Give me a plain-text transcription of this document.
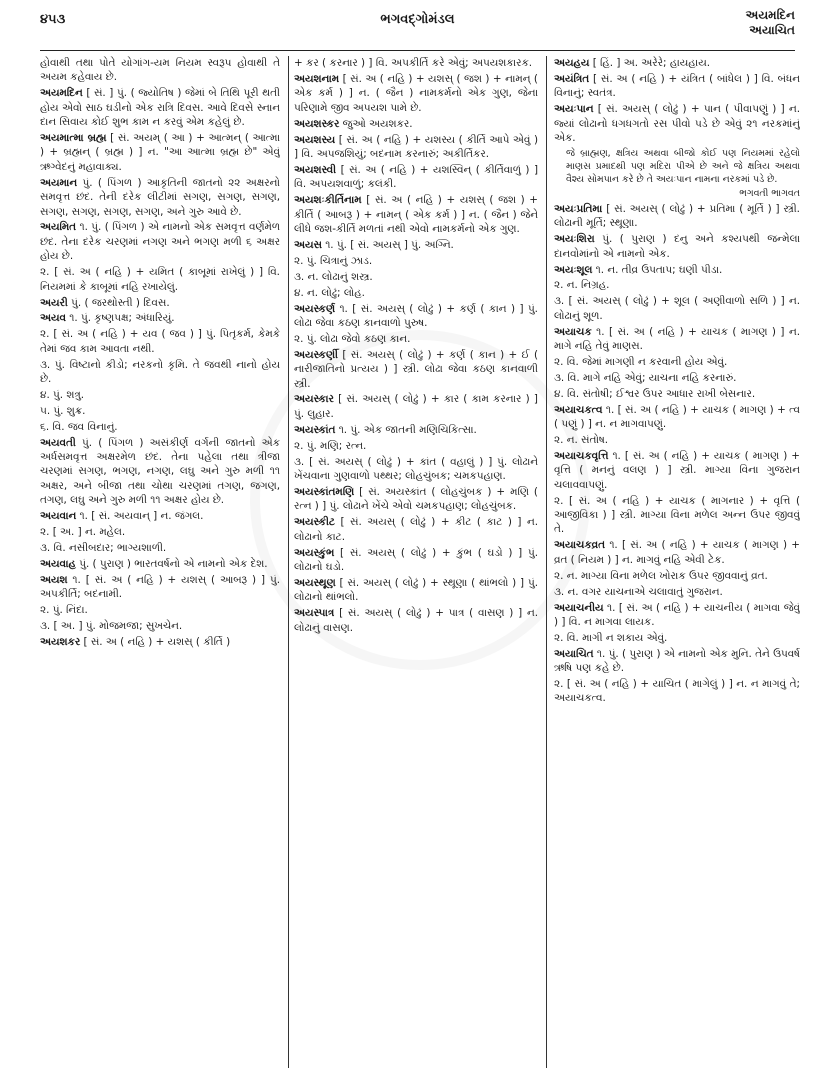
૪૫૩	ભગવદ્‌ગોમંડલ	અયમદિન
અયાચિત
હોવાથી તથા પોતે યોગાંગ-યમ નિયમ સ્વરૂપ હોવાથી તે અયમ કહેવાય છે.
અયમદિન [ સં. ] પું. ( જ્યોતિષ ) જેમાં બે તિથિ પૂરી થતી હોય એવો સાઠ ઘડીનો એક રાત્રિ દિવસ. આવે દિવસે સ્નાન દાન સિવાય કોઈ શુભ કામ ન કરવું એમ કહેલું છે.
અયમાત્મા બ્રહ્મ [ સં. અયમ્ ( આ ) + આત્મન્ ( આત્મા ) + બ્રહ્મન્ ( બ્રહ્મ ) ] ન. "આ આત્મા બ્રહ્મ છે" એવું ઋગ્વેદનું મહાવાક્ય.
અયમાન પું. ( પિંગળ ) આકૃતિની જાતનો ૨૨ અક્ષરનો સમવૃત્ત છંદ. તેની દરેક લીટીમાં સગણ, સગણ, સગણ, સગણ, સગણ, સગણ, સગણ, અને ગુરુ આવે છે.
અયમિત ૧. પું. ( પિંગળ ) એ નામનો એક સમવૃત્ત વર્ણમેળ છંદ. તેના દરેક ચરણમાં નગણ અને ભગણ મળી ૬ અક્ષર હોય છે.
૨. [ સં. અ ( નહિ ) + યમિત ( કાબૂમાં રાખેલું ) ] વિ. નિયમમાં કે કાબૂમાં નહિ રખાયેલું.
અયરી પું. ( જરથોસ્તી ) દિવસ.
અયવ ૧. પું. કૃષ્ણપક્ષ; અંધારિયું.
૨. [ સં. અ ( નહિ ) + યવ ( જવ ) ] પું. પિતૃકર્મ, કેમકે તેમાં જવ કામ આવતા નથી.
૩. પું. વિષ્ટાનો કીડો; નરકનો કૃમિ. તે જવથી નાનો હોય છે.
૪. પું. શત્રુ.
૫. પું. શુક્ર.
૬. વિ. જવ વિનાનું.
અયવતી પું. ( પિંગળ ) અસંકીર્ણ વર્ગની જાતનો એક અર્ધસમવૃત્ત અક્ષરમેળ છંદ. તેના પહેલા તથા ત્રીજા ચરણમાં સગણ, ભગણ, નગણ, લઘુ અને ગુરુ મળી ૧૧ અક્ષર, અને બીજા તથા ચોથા ચરણમાં તગણ, જગણ, તગણ, લઘુ અને ગુરુ મળી ૧૧ અક્ષર હોય છે.
અયવાન ૧. [ સં. અયવાન્ ] ન. જંગલ.
૨. [ અ. ] ન. મહેલ.
૩. વિ. નસીબદાર; ભાગ્યશાળી.
અયવાહ પું. ( પુરાણ ) ભારતવર્ષનો એ નામનો એક દેશ.
અયશ ૧. [ સં. અ ( નહિ ) + યશસ્ ( આબરૂ ) ] પું. અપકીર્તિ; બદનામી.
૨. પું. નિંદા.
૩. [ અ. ] પું. મોજમજા; સુખચેન.
અયશકર [ સં. અ ( નહિ ) + યશસ્ ( કીર્તિ )
+ કર ( કરનાર ) ] વિ. અપકીર્તિ કરે એવું; અપયશકારક.
અયશનામ [ સં. અ ( નહિ ) + યશસ્ ( જશ ) + નામન્ ( એક કર્મ ) ] ન. ( જૈન ) નામકર્મનો એક ગુણ, જેના પરિણામે જીવ અપયશ પામે છે.
અયશસ્કર જુઓ અયશકર.
અયશસ્ય [ સં. અ ( નહિ ) + યશસ્ય ( કીર્તિ આપે એવું ) ] વિ. અપજશિયું; બદનામ કરનારું; અકીર્તિકર.
અયશસ્વી [ સં. અ ( નહિ ) + યશસ્વિન્ ( કીર્તિવાળું ) ] વિ. અપયશવાળું; કલંકી.
અયશઃકીર્તિનામ [ સં. અ ( નહિ ) + યશસ્ ( જશ ) + કીર્તિ ( આબરૂ ) + નામન્ ( એક કર્મ ) ] ન. ( જૈન ) જેને લીધે જશ-કીર્તિ મળતાં નથી એવો નામકર્મનો એક ગુણ.
અયસ ૧. પું. [ સં. અયસ્ ] પું. અગ્નિ.
૨. પું. ચિત્રાનું ઝાડ.
૩. ન. લોઢાનું શસ્ત્ર.
૪. ન. લોઢું; લોહ.
અયસ્કર્ણ ૧. [ સં. અયસ્ ( લોઢું ) + કર્ણ ( કાન ) ] પું. લોઢા જેવા કઠણ કાનવાળો પુરુષ.
૨. પું. લોઢા જેવો કઠણ કાન.
અયસ્કર્ણી [ સં. અયસ્ ( લોઢું ) + કર્ણ ( કાન ) + ઈ ( નારીજાતિનો પ્રત્યય ) ] સ્ત્રી. લોઢા જેવા કઠણ કાનવાળી સ્ત્રી.
અયસ્કાર [ સં. અયસ્ ( લોઢું ) + કાર ( કામ કરનાર ) ] પું. લુહાર.
અયસ્કાંત ૧. પું. એક જાતની મણિચિકિત્સા.
૨. પું. મણિ; રત્ન.
૩. [ સં. અયસ્ ( લોઢું ) + કાંત ( વહાલું ) ] પું. લોઢાને ખેંચવાના ગુણવાળો પથ્થર; લોહચુંબક; ચમકપહાણ.
અયસ્કાંતમણિ [ સં. અયસ્કાંત ( લોહચુંબક ) + મણિ ( રત્ન ) ] પું. લોઢાને ખેંચે એવો ચમકપહાણ; લોહચુંબક.
અયસ્કીટ [ સં. અયસ્ ( લોઢું ) + કીટ ( કાટ ) ] ન. લોઢાનો કાટ.
અયસ્કુંભ [ સં. અયસ્ ( લોઢું ) + કુંભ ( ઘડો ) ] પું. લોઢાનો ઘડો.
અયસ્થૂણ [ સં. અયસ્ ( લોઢું ) + સ્થૂણા ( થાંભલો ) ] પું. લોઢાનો થાંભલો.
અયસ્પાત્ર [ સં. અયસ્ ( લોઢું ) + પાત્ર ( વાસણ ) ] ન. લોઢાનું વાસણ.
અયહય [ હિં. ] અ. અરેરે; હાયહાય.
અયંત્રિત [ સં. અ ( નહિ ) + યંત્રિત ( બાંધેલ ) ] વિ. બંધન વિનાનું; સ્વતંત્ર.
અયઃપાન [ સં. અયસ્ ( લોઢું ) + પાન ( પીવાપણું ) ] ન. જ્યાં લોઢાનો ધગધગતો રસ પીવો પડે છે એવું ૨૧ નરકમાંનું એક.
જે બ્રાહ્મણ, ક્ષત્રિય અથવા બીજો કોઈ પણ નિયમમાં રહેલો માણસ પ્રમાદથી પણ મદિરા પીએ છે અને જે ક્ષત્રિય અથવા વૈશ્ય સોમપાન કરે છે તે અયઃપાન નામના નરકમાં પડે છે.
ભગવતી ભાગવત
અયઃપ્રતિમા [ સં. અયસ્ ( લોઢું ) + પ્રતિમા ( મૂર્તિ ) ] સ્ત્રી. લોઢાની મૂર્તિ; સ્થૂણા.
અયઃશિરા પું. ( પુરાણ ) દનુ અને કશ્યપથી જન્મેલા દાનવોમાંનો એ નામનો એક.
અયઃશૂલ ૧. ન. તીવ્ર ઉપતાપ; ઘણી પીડા.
૨. ન. નિગ્રહ.
૩. [ સં. અયસ્ ( લોઢું ) + શૂલ ( અણીવાળો સળિ ) ] ન. લોઢાનું શૂળ.
અયાચક ૧. [ સં. અ ( નહિ ) + યાચક ( માગણ ) ] ન. માગે નહિ તેવું માણસ.
૨. વિ. જેમાં માગણી ન કરવાની હોય એવું.
૩. વિ. માગે નહિ એવું; યાચના નહિ કરનારું.
૪. વિ. સંતોષી; ઈશ્વર ઉપર આધાર રાખી બેસનાર.
અયાચકત્વ ૧. [ સં. અ ( નહિ ) + યાચક ( માગણ ) + ત્વ ( પણું ) ] ન. ન માગવાપણું.
૨. ન. સંતોષ.
અયાચકવૃત્તિ ૧. [ સં. અ ( નહિ ) + યાચક ( માગણ ) + વૃત્તિ ( મનનું વલણ ) ] સ્ત્રી. માગ્યા વિના ગુજરાન ચલાવવાપણું.
૨. [ સં. અ ( નહિ ) + યાચક ( માગનાર ) + વૃત્તિ ( આજીવિકા ) ] સ્ત્રી. માગ્યા વિના મળેલ અન્ન ઉપર જીવવું તે.
અયાચકવ્રત ૧. [ સં. અ ( નહિ ) + યાચક ( માગણ ) + વ્રત ( નિયમ ) ] ન. માગવું નહિ એવી ટેક.
૨. ન. માગ્યા વિના મળેલ ખોરાક ઉપર જીવવાનું વ્રત.
૩. ન. વગર યાચનાએ ચલાવાતું ગુજરાન.
અયાચનીય ૧. [ સં. અ ( નહિ ) + યાચનીય ( માગવા જેવું ) ] વિ. ન માગવા લાયક.
૨. વિ. માગી ન શકાય એવું.
અયાચિત ૧. પું. ( પુરાણ ) એ નામનો એક મુનિ. તેને ઉપવર્ષ ઋષિ પણ કહે છે.
૨. [ સં. અ ( નહિ ) + યાચિત ( માગેલું ) ] ન. ન માગવું તે; અયાચકત્વ.
